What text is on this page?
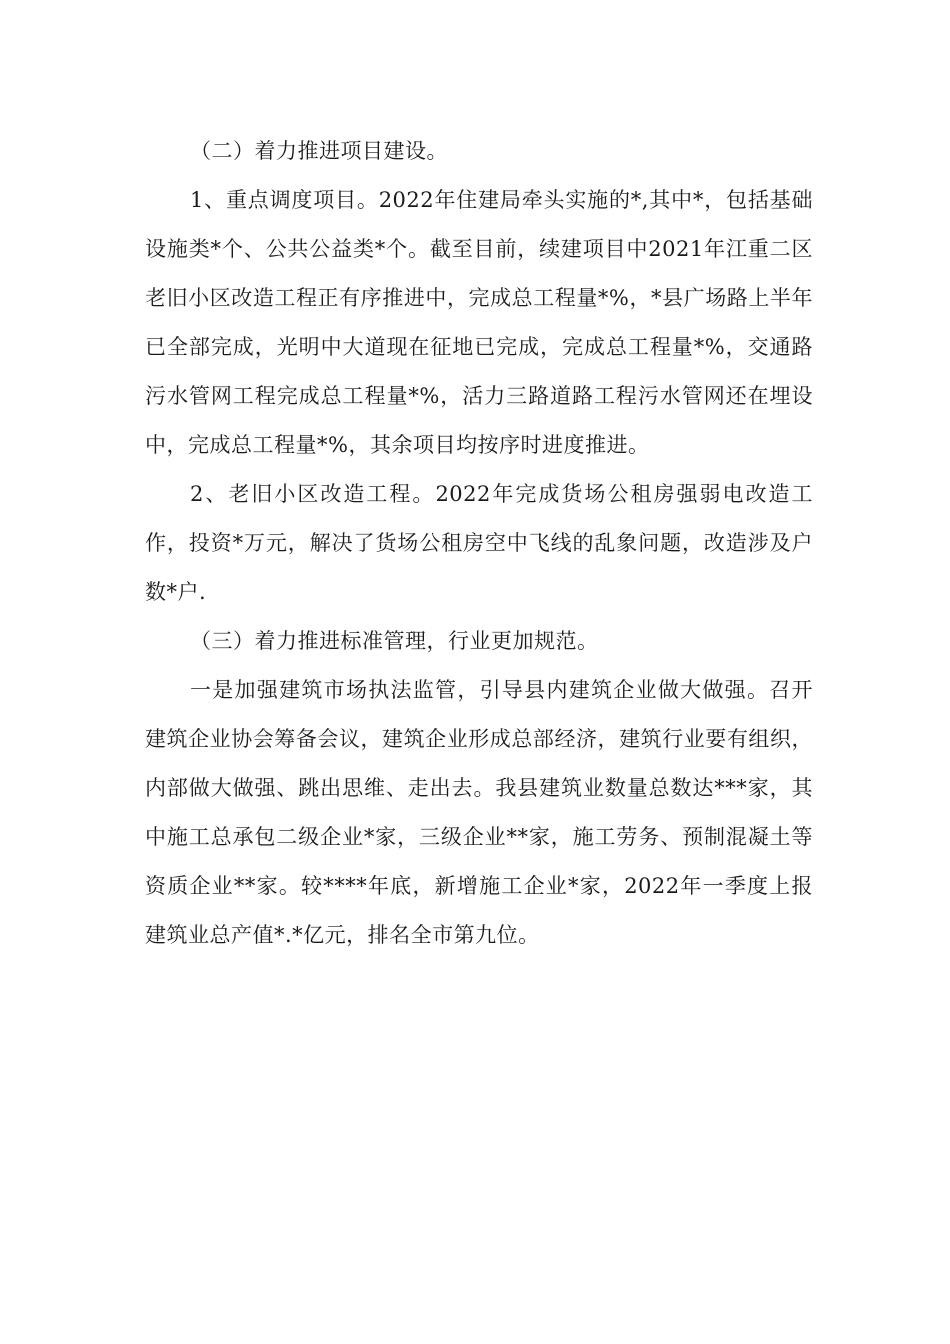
（二）着力推进项目建设。

1、重点调度项目。2022年住建局牵头实施的*,其中*，包括基础设施类*个、公共公益类*个。截至目前，续建项目中2021年江重二区老旧小区改造工程正有序推进中，完成总工程量*%，*县广场路上半年已全部完成，光明中大道现在征地已完成，完成总工程量*%，交通路污水管网工程完成总工程量*%，活力三路道路工程污水管网还在埋设中，完成总工程量*%，其余项目均按序时进度推进。

2、老旧小区改造工程。2022年完成货场公租房强弱电改造工作，投资*万元，解决了货场公租房空中飞线的乱象问题，改造涉及户数*户.

（三）着力推进标准管理，行业更加规范。

一是加强建筑市场执法监管，引导县内建筑企业做大做强。召开建筑企业协会筹备会议，建筑企业形成总部经济，建筑行业要有组织，内部做大做强、跳出思维、走出去。我县建筑业数量总数达***家，其中施工总承包二级企业*家，三级企业**家，施工劳务、预制混凝土等资质企业**家。较****年底，新增施工企业*家，2022年一季度上报建筑业总产值*.*亿元，排名全市第九位。
